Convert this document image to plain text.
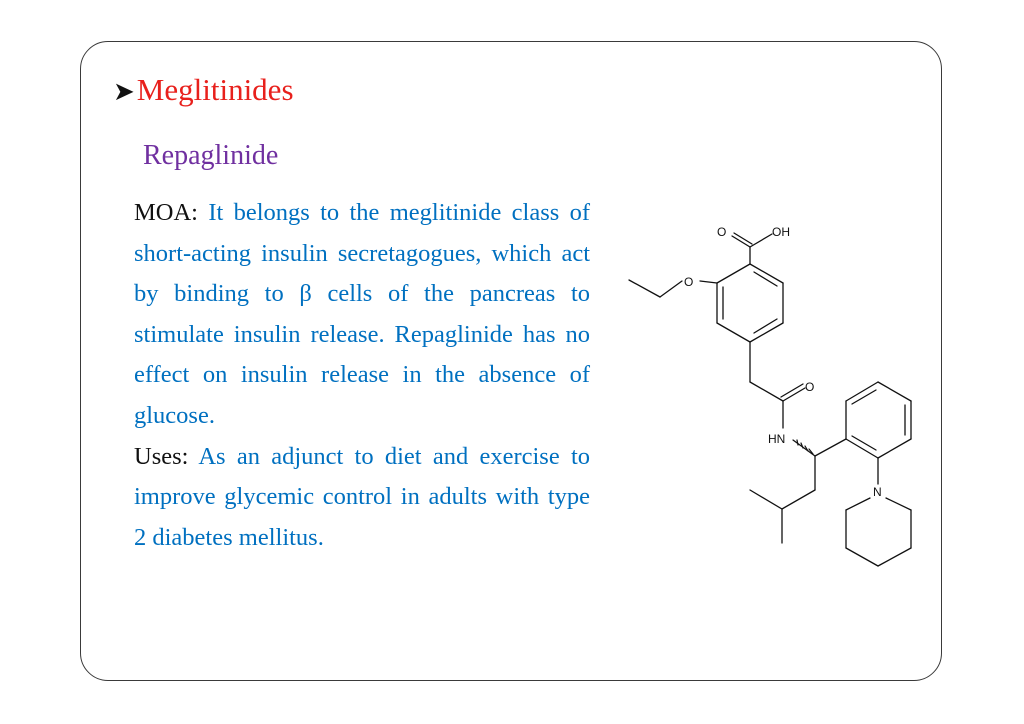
➤Meglitinides
Repaglinide

MOA: It belongs to the meglitinide class of short-acting insulin secretagogues, which act by binding to β cells of the pancreas to stimulate insulin release. Repaglinide has no effect on insulin release in the absence of glucose.

Uses: As an adjunct to diet and exercise to improve glycemic control in adults with type 2 diabetes mellitus.

O	OH
O
O
HN
N
